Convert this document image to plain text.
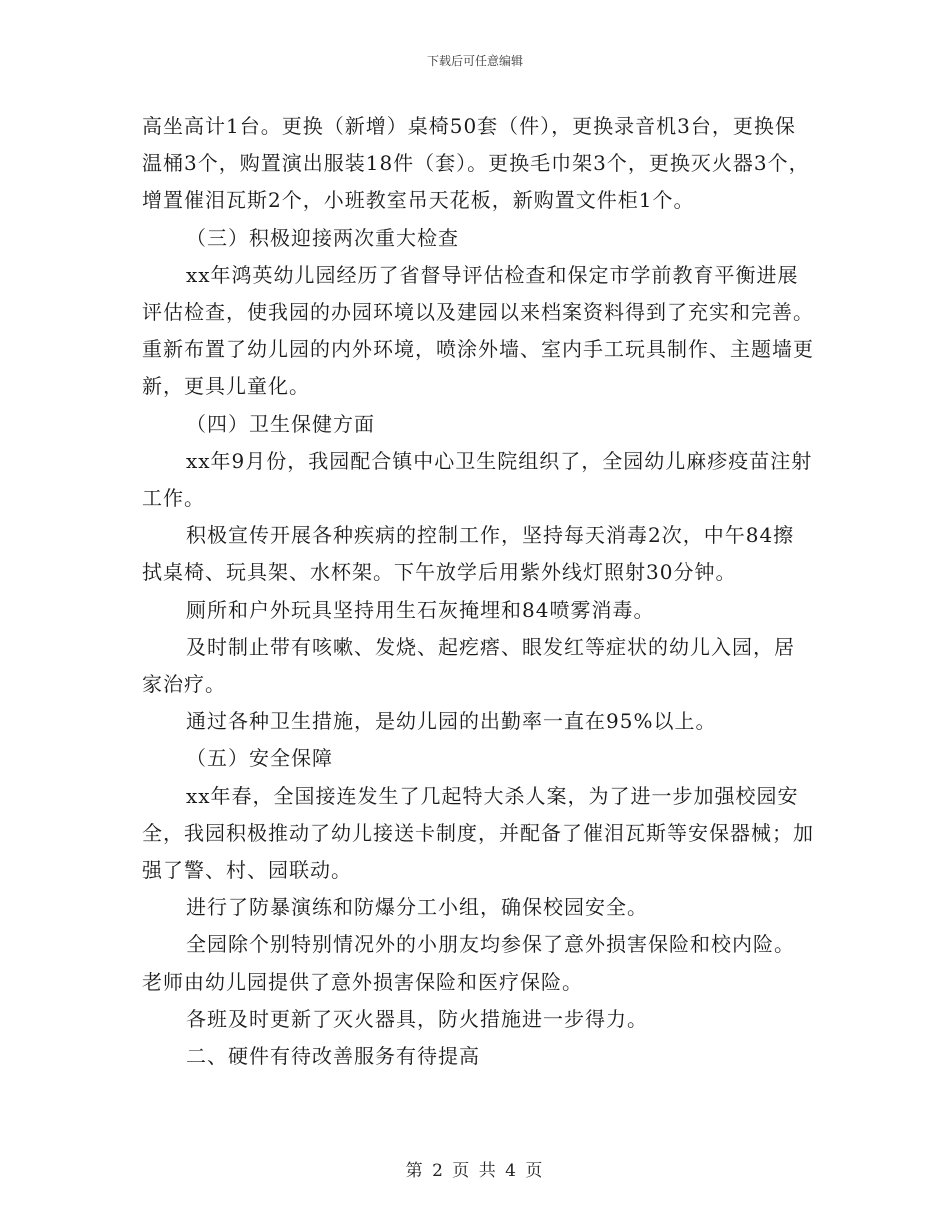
下载后可任意编辑

高坐高计1台。更换（新增）桌椅50套（件），更换录音机3台，更换保温桶3个，购置演出服装18件（套）。更换毛巾架3个，更换灭火器3个，增置催泪瓦斯2个，小班教室吊天花板，新购置文件柜1个。

（三）积极迎接两次重大检查

xx年鸿英幼儿园经历了省督导评估检查和保定市学前教育平衡进展评估检查，使我园的办园环境以及建园以来档案资料得到了充实和完善。重新布置了幼儿园的内外环境，喷涂外墙、室内手工玩具制作、主题墙更新，更具儿童化。

（四）卫生保健方面

xx年9月份，我园配合镇中心卫生院组织了，全园幼儿麻疹疫苗注射工作。

积极宣传开展各种疾病的控制工作，坚持每天消毒2次，中午84擦拭桌椅、玩具架、水杯架。下午放学后用紫外线灯照射30分钟。

厕所和户外玩具坚持用生石灰掩埋和84喷雾消毒。

及时制止带有咳嗽、发烧、起疙瘩、眼发红等症状的幼儿入园，居家治疗。

通过各种卫生措施，是幼儿园的出勤率一直在95%以上。

（五）安全保障

xx年春，全国接连发生了几起特大杀人案，为了进一步加强校园安全，我园积极推动了幼儿接送卡制度，并配备了催泪瓦斯等安保器械；加强了警、村、园联动。

进行了防暴演练和防爆分工小组，确保校园安全。

全园除个别特别情况外的小朋友均参保了意外损害保险和校内险。老师由幼儿园提供了意外损害保险和医疗保险。

各班及时更新了灭火器具，防火措施进一步得力。

二、硬件有待改善服务有待提高

第 2 页 共 4 页
